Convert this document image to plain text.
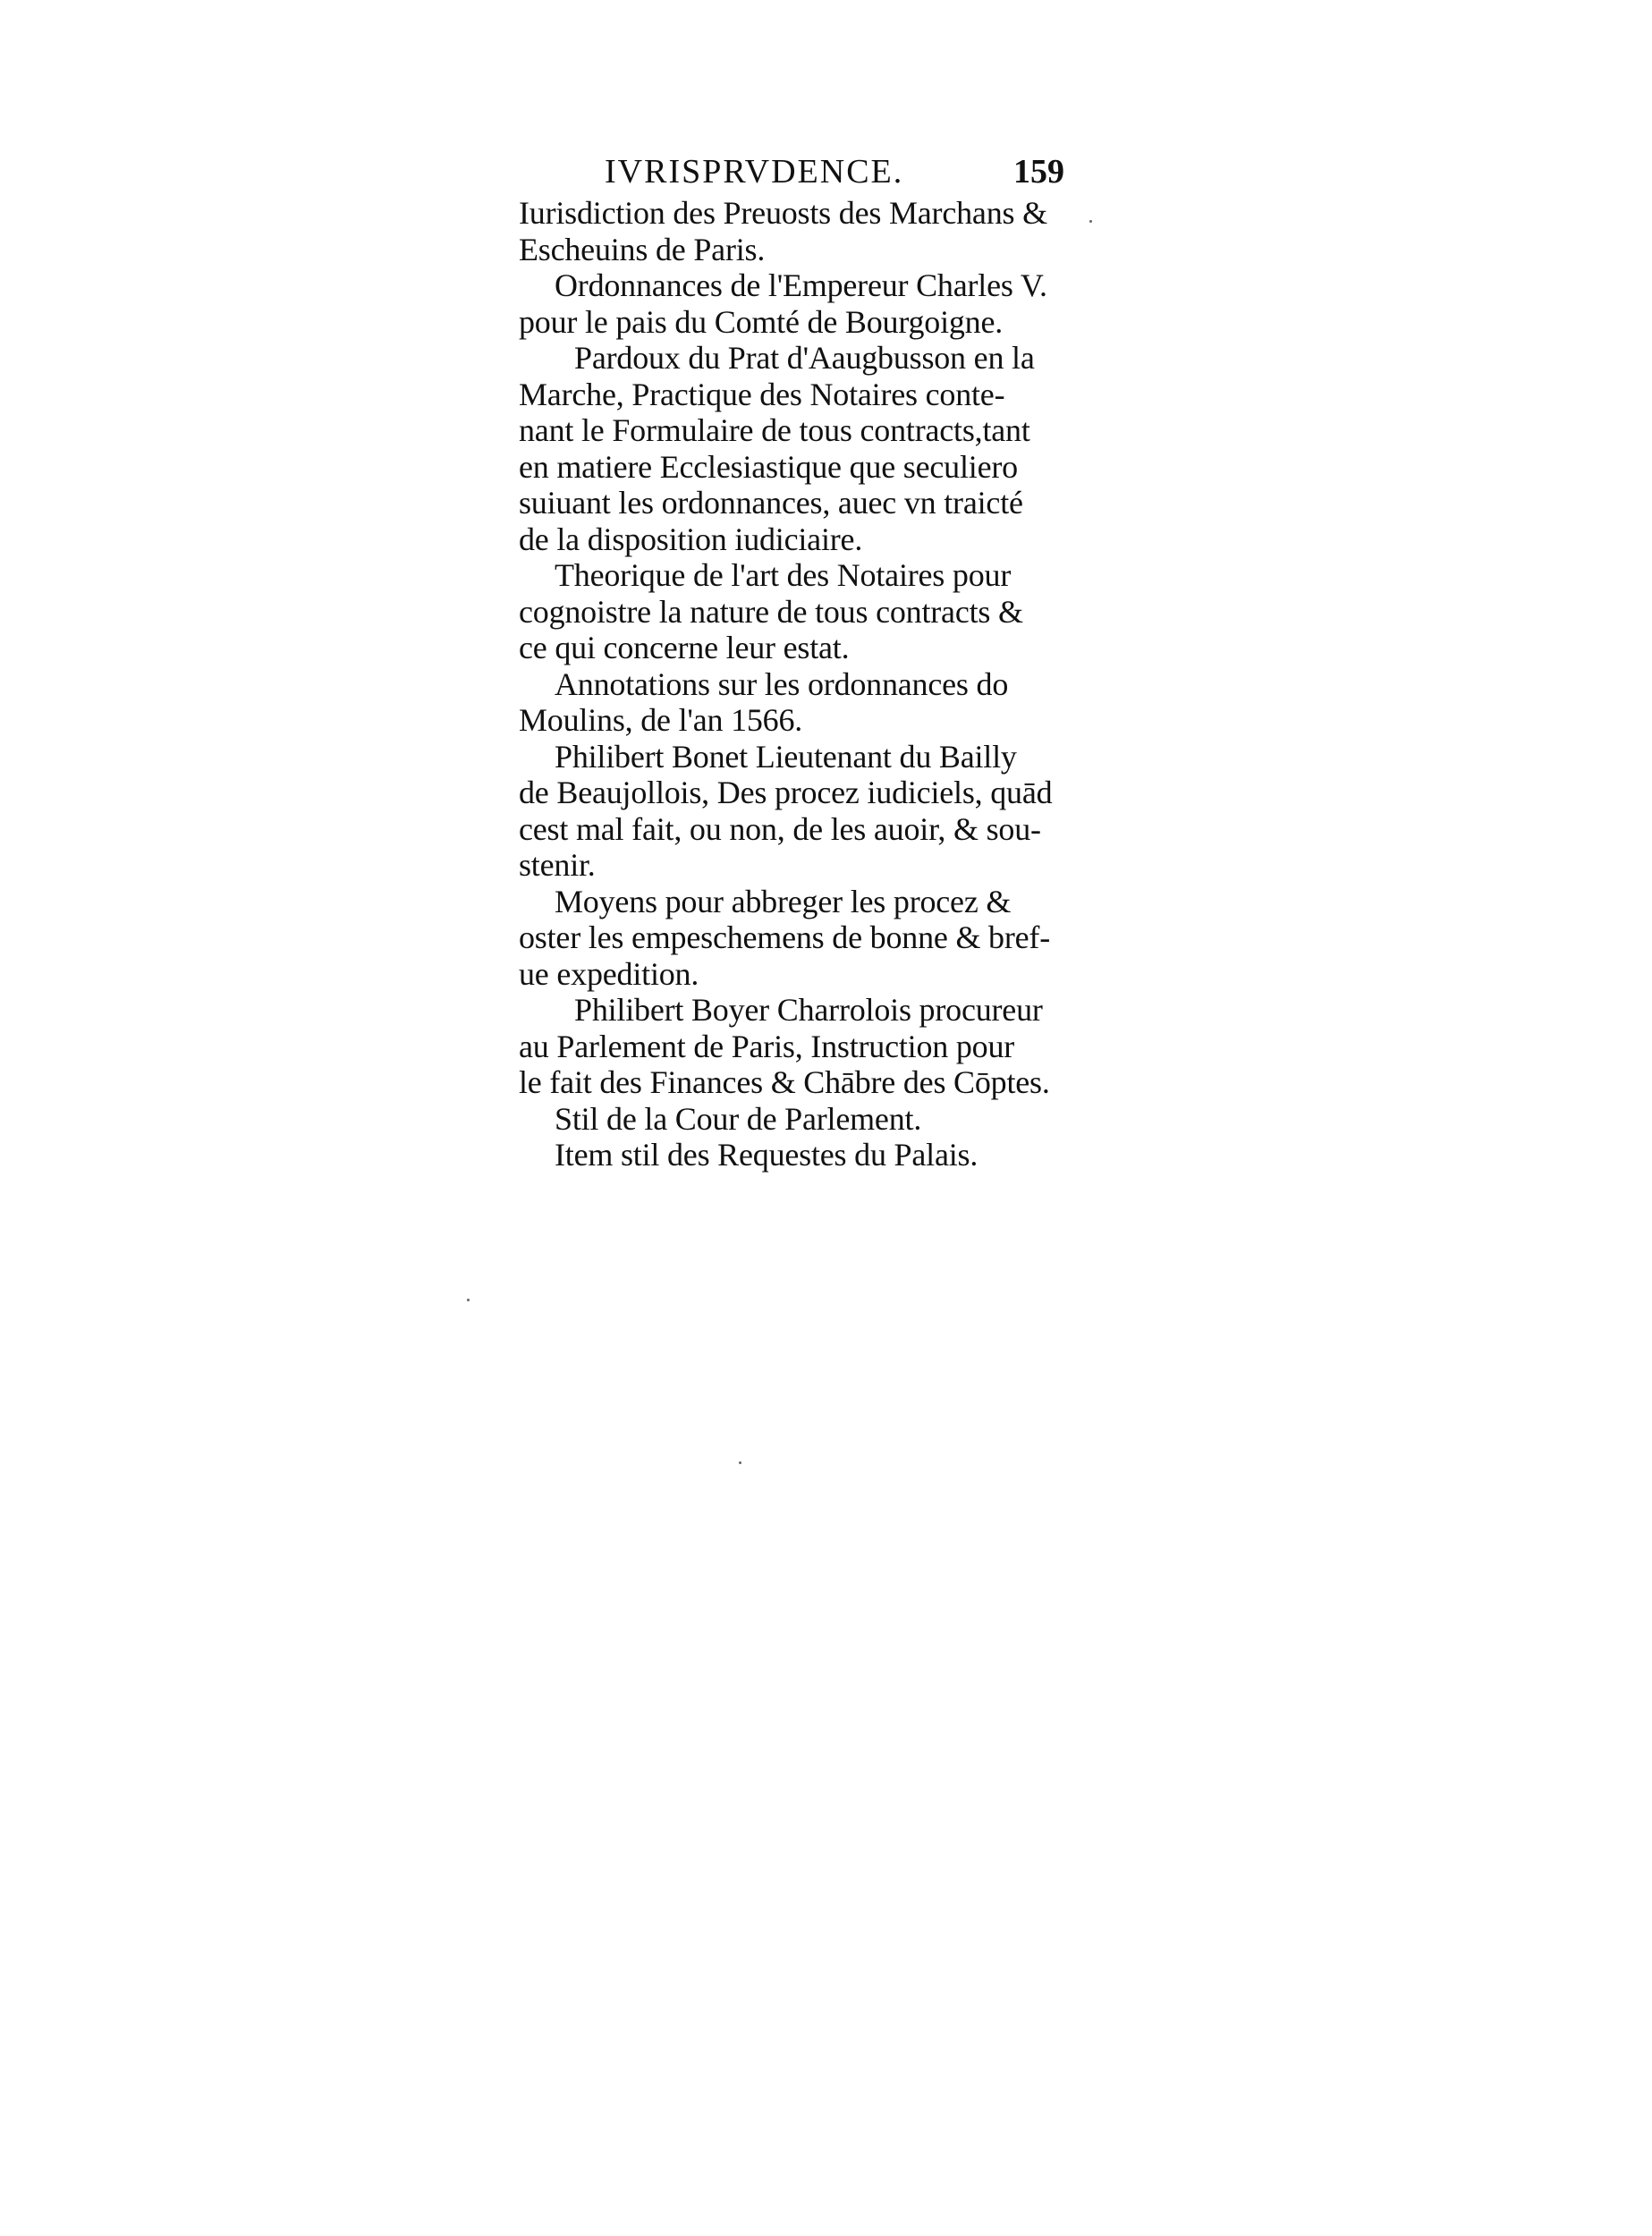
IVRISPRVDENCE.	159

Iurisdiction des Preuosts des Marchans &
Escheuins de Paris.

Ordonnances de l'Empereur Charles V.
pour le pais du Comté de Bourgoigne.

Pardoux du Prat d'Aaugbusson en la
Marche, Practique des Notaires conte-
nant le Formulaire de tous contracts,tant
en matiere Ecclesiastique que seculiero
suiuant les ordonnances, auec vn traicté
de la disposition iudiciaire.

Theorique de l'art des Notaires pour
cognoistre la nature de tous contracts &
ce qui concerne leur estat.

Annotations sur les ordonnances do
Moulins, de l'an 1566.

Philibert Bonet Lieutenant du Bailly
de Beaujollois, Des procez iudiciels, quād
cest mal fait, ou non, de les auoir, & sou-
stenir.

Moyens pour abbreger les procez &
oster les empeschemens de bonne & bref-
ue expedition.

Philibert Boyer Charrolois procureur
au Parlement de Paris, Instruction pour
le fait des Finances & Chābre des Cōptes.

Stil de la Cour de Parlement.

Item stil des Requestes du Palais.
